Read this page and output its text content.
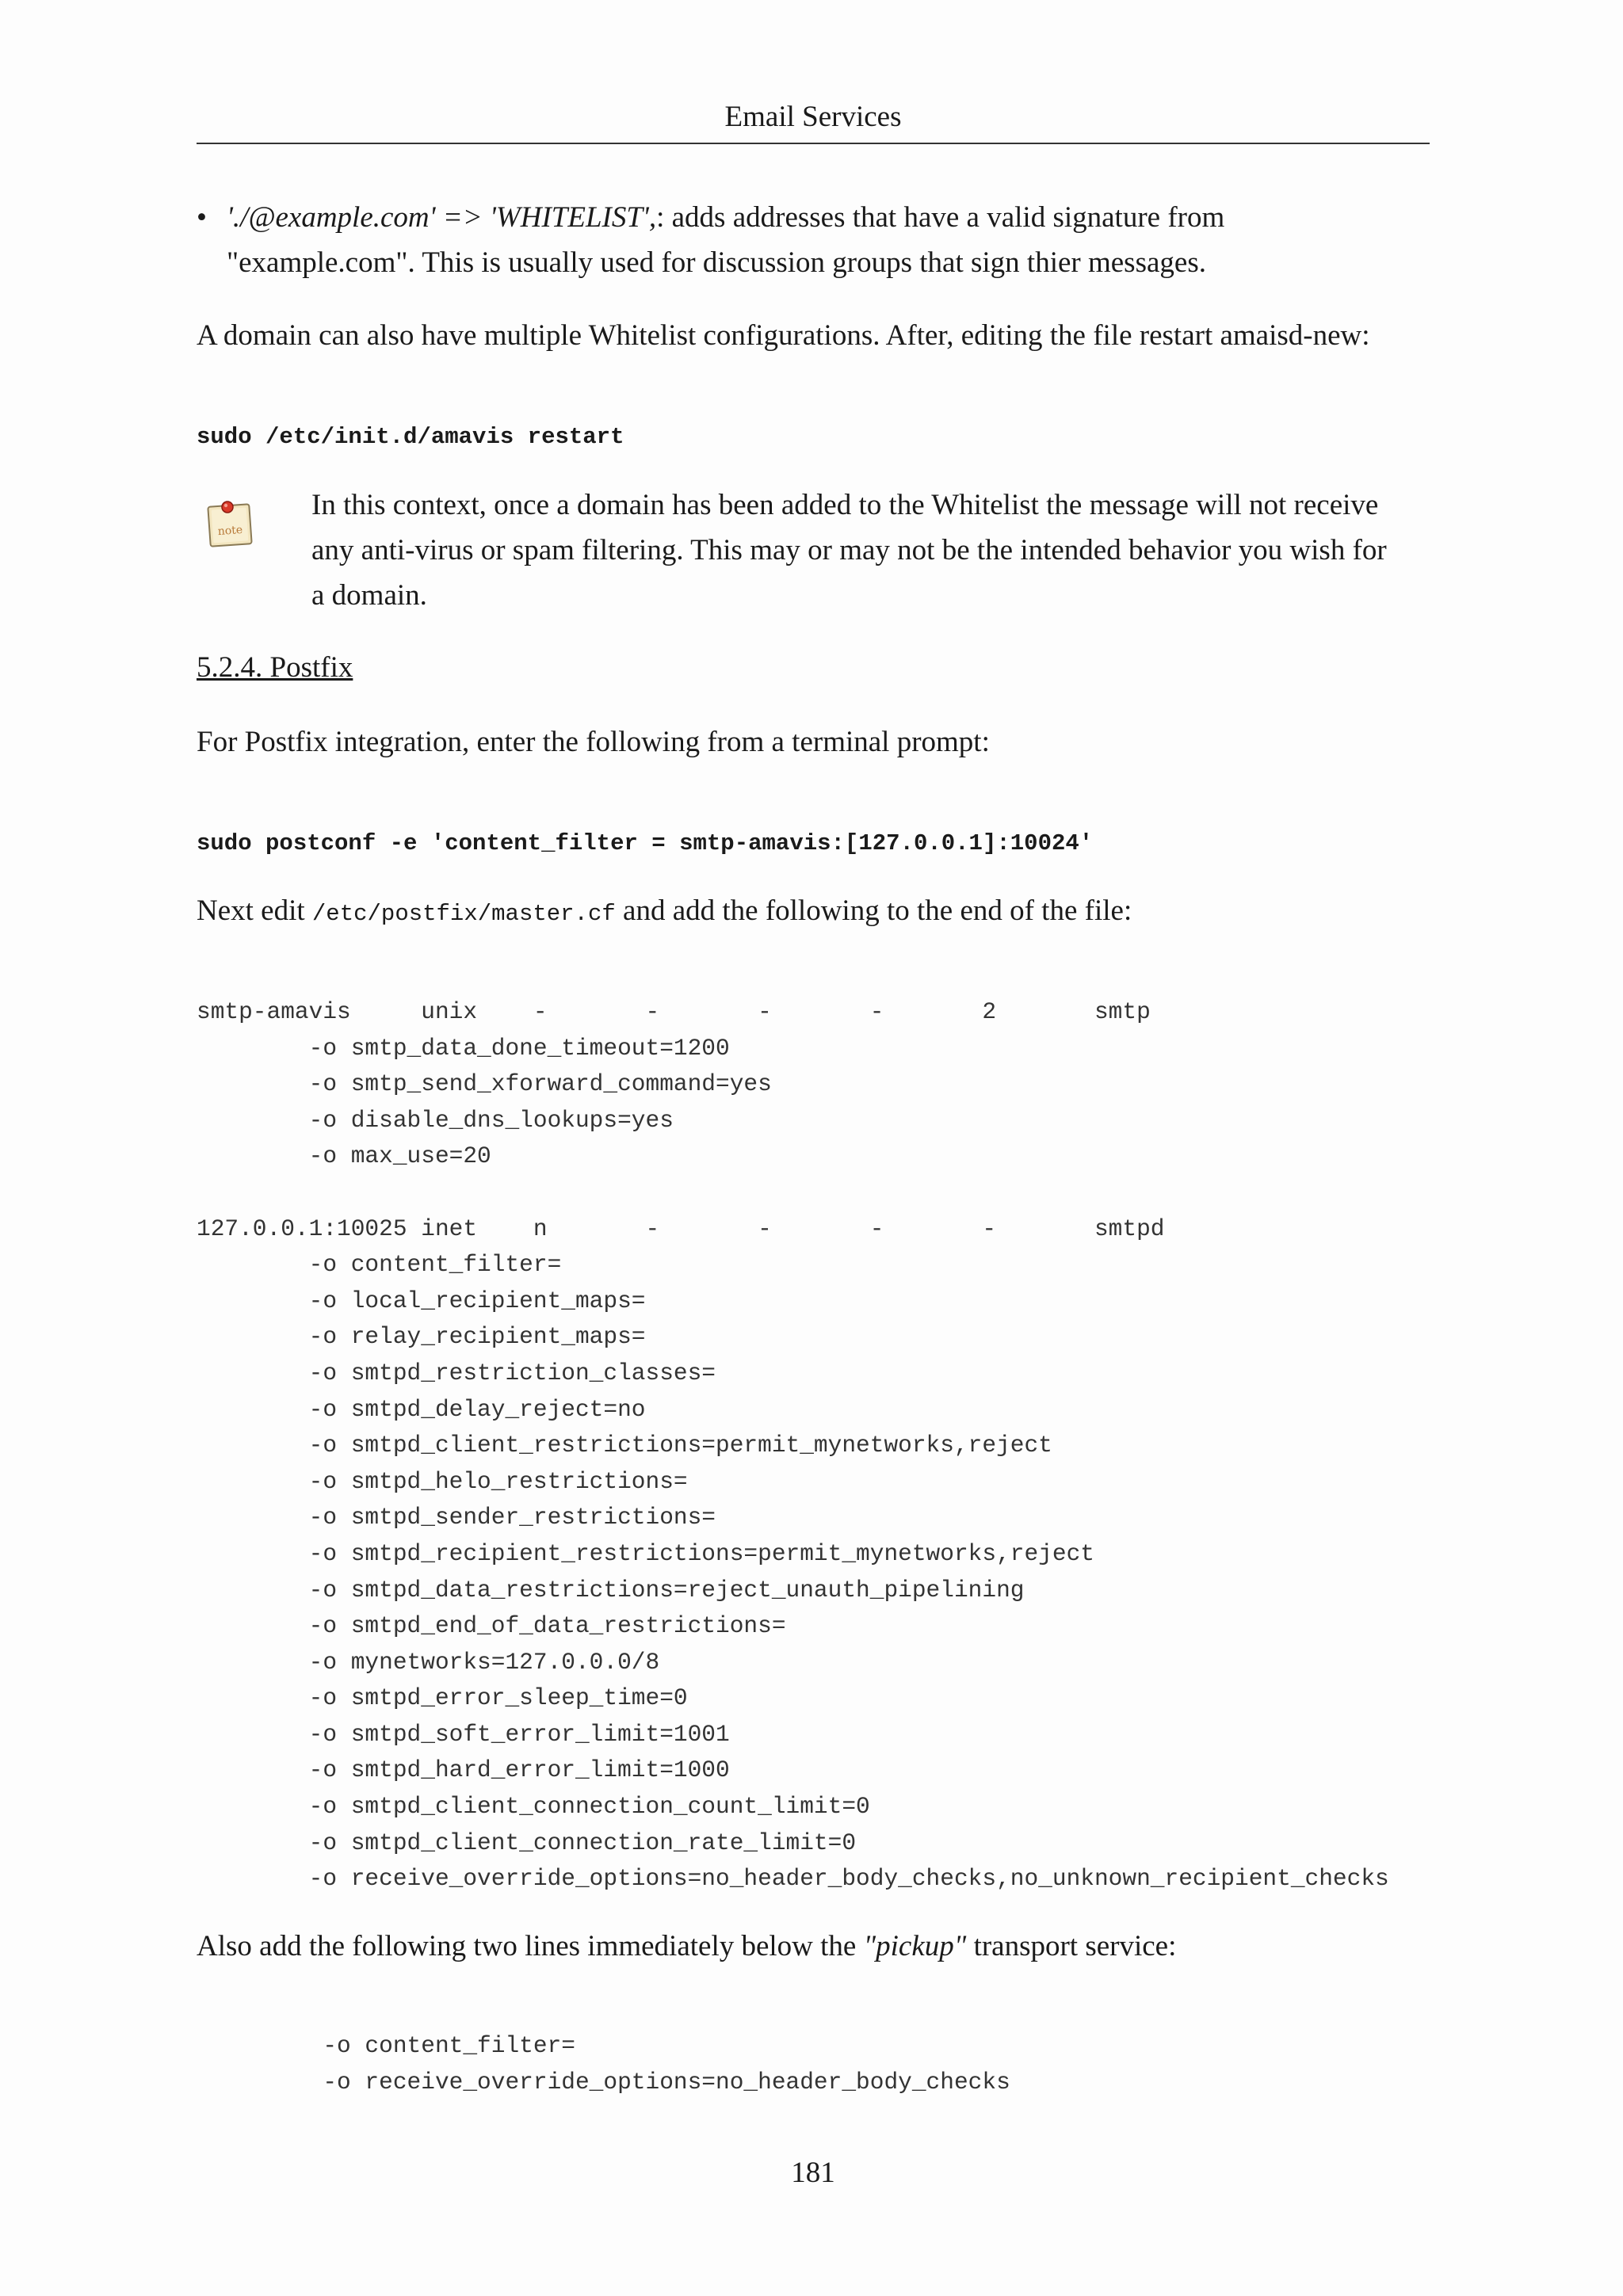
Email Services
• './@example.com' => 'WHITELIST',: adds addresses that have a valid signature from
"example.com". This is usually used for discussion groups that sign thier messages.
A domain can also have multiple Whitelist configurations. After, editing the file restart amaisd-new:
sudo /etc/init.d/amavis restart
note
In this context, once a domain has been added to the Whitelist the message will not receive
any anti-virus or spam filtering. This may or may not be the intended behavior you wish for
a domain.
5.2.4. Postfix
For Postfix integration, enter the following from a terminal prompt:
sudo postconf -e 'content_filter = smtp-amavis:[127.0.0.1]:10024'
Next edit /etc/postfix/master.cf and add the following to the end of the file:
smtp-amavis     unix    -       -       -       -       2       smtp
-o smtp_data_done_timeout=1200
-o smtp_send_xforward_command=yes
-o disable_dns_lookups=yes
-o max_use=20

127.0.0.1:10025 inet    n       -       -       -       -       smtpd
-o content_filter=
-o local_recipient_maps=
-o relay_recipient_maps=
-o smtpd_restriction_classes=
-o smtpd_delay_reject=no
-o smtpd_client_restrictions=permit_mynetworks,reject
-o smtpd_helo_restrictions=
-o smtpd_sender_restrictions=
-o smtpd_recipient_restrictions=permit_mynetworks,reject
-o smtpd_data_restrictions=reject_unauth_pipelining
-o smtpd_end_of_data_restrictions=
-o mynetworks=127.0.0.0/8
-o smtpd_error_sleep_time=0
-o smtpd_soft_error_limit=1001
-o smtpd_hard_error_limit=1000
-o smtpd_client_connection_count_limit=0
-o smtpd_client_connection_rate_limit=0
-o receive_override_options=no_header_body_checks,no_unknown_recipient_checks
Also add the following two lines immediately below the "pickup" transport service:
-o content_filter=
-o receive_override_options=no_header_body_checks
181
